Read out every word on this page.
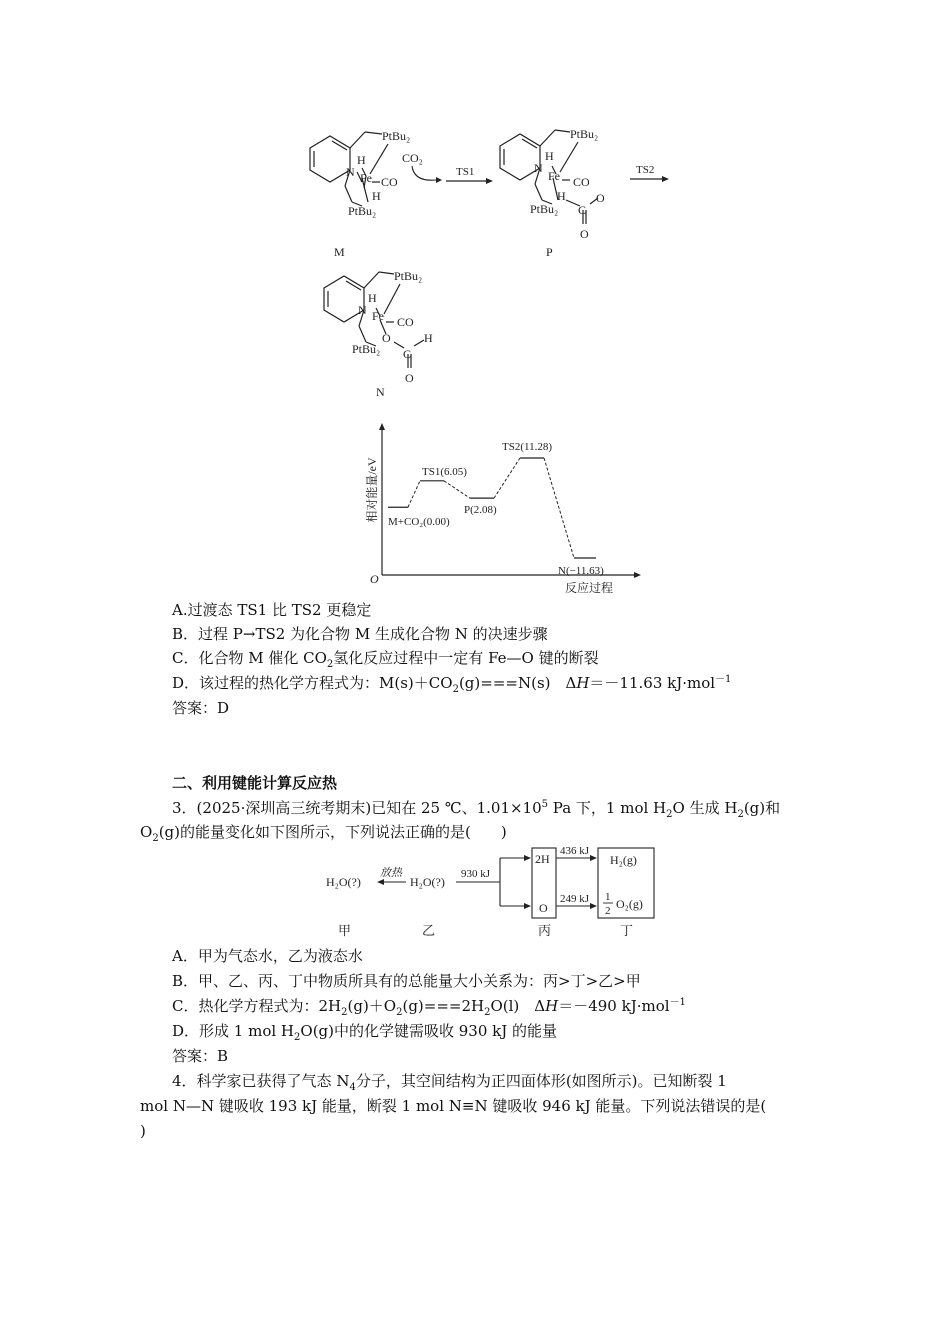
PtBu₂
H
N Fe CO
H
PtBu₂
CO₂
M
TS1
PtBu₂
H
N
Fe CO
H
PtBu₂ C
O
O
P
TS2
PtBu₂
H
N Fe CO
O
PtBu₂ C
H
O
N
相对能量/eV
O
反应过程
M+CO₂(0.00)
TS1(6.05)
P(2.08)
TS2(11.28)
N(−11.63)
A.过渡态 TS1 比 TS2 更稳定
B．过程 P→TS2 为化合物 M 生成化合物 N 的决速步骤
C．化合物 M 催化 $CO_2$氢化反应过程中一定有 Fe—O 键的断裂
D．该过程的热化学方程式为：$M(s)+CO_2(g)===N(s)$　ΔH＝－11.63 kJ·mol$^{-1}$
答案：D
二、利用键能计算反应热
3．(2025·深圳高三统考期末)已知在 25 ℃、$1.01\times 10^5$ Pa 下，1 mol $H_2O$ 生成 $H_2(g)$和
$O_2(g)$的能量变化如下图所示，下列说法正确的是(　　)
H₂O(?)
放热
H₂O(?)
930 kJ
2H
O
436 kJ
249 kJ
H₂(g)
1
2 O₂(g)
甲	乙	丙	丁
A．甲为气态水，乙为液态水
B．甲、乙、丙、丁中物质所具有的总能量大小关系为：丙>丁>乙>甲
C．热化学方程式为：$2H_2(g)+O_2(g)===2H_2O(l)$　ΔH＝－490 kJ·mol$^{-1}$
D．形成 1 mol $H_2O(g)$中的化学键需吸收 930 kJ 的能量
答案：B
4．科学家已获得了气态 $N_4$分子，其空间结构为正四面体形(如图所示)。已知断裂 1
mol N—N 键吸收 193 kJ 能量，断裂 1 mol N≡N 键吸收 946 kJ 能量。下列说法错误的是(
)
